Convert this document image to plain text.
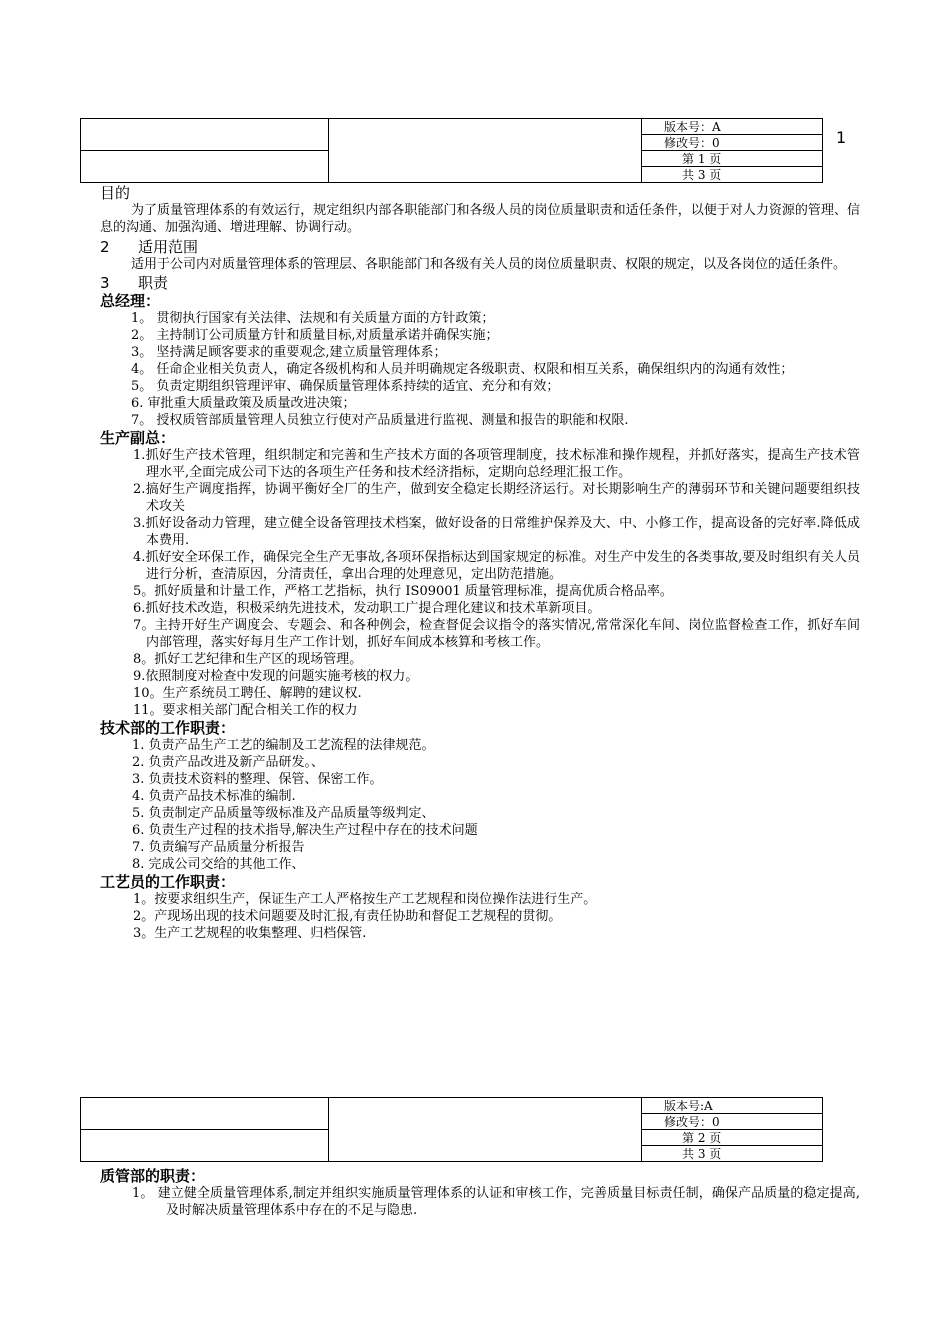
		版本号：A
		修改号：0
		第 1 页
		共 3 页
1
目的
为了质量管理体系的有效运行，规定组织内部各职能部门和各级人员的岗位质量职责和适任条件，以便于对人力资源的管理、信息的沟通、加强沟通、增进理解、协调行动。
2 适用范围
适用于公司内对质量管理体系的管理层、各职能部门和各级有关人员的岗位质量职责、权限的规定，以及各岗位的适任条件。
3 职责
总经理：
1。 贯彻执行国家有关法律、法规和有关质量方面的方针政策；
2。 主持制订公司质量方针和质量目标,对质量承诺并确保实施；
3。 坚持满足顾客要求的重要观念,建立质量管理体系；
4。 任命企业相关负责人，确定各级机构和人员并明确规定各级职责、权限和相互关系，确保组织内的沟通有效性；
5。 负责定期组织管理评审、确保质量管理体系持续的适宜、充分和有效；
6. 审批重大质量政策及质量改进决策；
7。 授权质管部质量管理人员独立行使对产品质量进行监视、测量和报告的职能和权限.
生产副总：
1.抓好生产技术管理，组织制定和完善和生产技术方面的各项管理制度，技术标准和操作规程，并抓好落实，提高生产技术管理水平,全面完成公司下达的各项生产任务和技术经济指标，定期向总经理汇报工作。
2.搞好生产调度指挥，协调平衡好全厂的生产，做到安全稳定长期经济运行。对长期影响生产的薄弱环节和关键问题要组织技术攻关
3.抓好设备动力管理，建立健全设备管理技术档案，做好设备的日常维护保养及大、中、小修工作，提高设备的完好率.降低成本费用.
4.抓好安全环保工作，确保完全生产无事故,各项环保指标达到国家规定的标准。对生产中发生的各类事故,要及时组织有关人员进行分析，查清原因，分清责任，拿出合理的处理意见，定出防范措施。
5。抓好质量和计量工作，严格工艺指标，执行 IS09001 质量管理标准，提高优质合格品率。
6.抓好技术改造，积极采纳先进技术，发动职工广提合理化建议和技术革新项目。
7。主持开好生产调度会、专题会、和各种例会，检查督促会议指令的落实情况,常常深化车间、岗位监督检查工作，抓好车间内部管理，落实好每月生产工作计划，抓好车间成本核算和考核工作。
8。抓好工艺纪律和生产区的现场管理。
9.依照制度对检查中发现的问题实施考核的权力。
10。生产系统员工聘任、解聘的建议权.
11。要求相关部门配合相关工作的权力
技术部的工作职责：
1. 负责产品生产工艺的编制及工艺流程的法律规范。
2. 负责产品改进及新产品研发。、
3. 负责技术资料的整理、保管、保密工作。
4. 负责产品技术标准的编制.
5. 负责制定产品质量等级标准及产品质量等级判定、
6. 负责生产过程的技术指导,解决生产过程中存在的技术问题
7. 负责编写产品质量分析报告
8. 完成公司交给的其他工作、
工艺员的工作职责：
1。按要求组织生产，保证生产工人严格按生产工艺规程和岗位操作法进行生产。
2。产现场出现的技术问题要及时汇报,有责任协助和督促工艺规程的贯彻。
3。生产工艺规程的收集整理、归档保管.
		版本号:A
		修改号：0
		第 2 页
		共 3 页
质管部的职责：
1。 建立健全质量管理体系,制定并组织实施质量管理体系的认证和审核工作，完善质量目标责任制，确保产品质量的稳定提高,及时解决质量管理体系中存在的不足与隐患.
